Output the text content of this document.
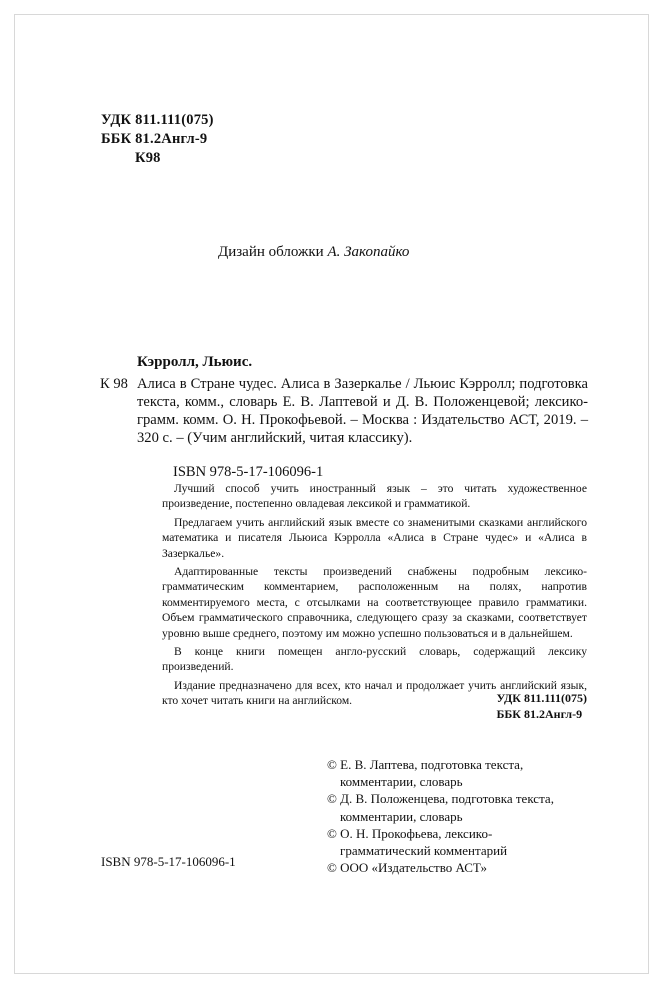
УДК 811.111(075)
ББК 81.2Англ-9
К98
Дизайн обложки А. Закопайко
Кэрролл, Льюис.
К 98 Алиса в Стране чудес. Алиса в Зазеркалье / Льюис Кэрролл; подготовка текста, комм., словарь Е. В. Лаптевой и Д. В. Положенцевой; лексико-грамм. комм. О. Н. Прокофьевой. – Москва : Издательство АСТ, 2019. – 320 с. – (Учим английский, читая классику).
ISBN 978-5-17-106096-1

Лучший способ учить иностранный язык – это читать художественное произведение, постепенно овладевая лексикой и грамматикой.

Предлагаем учить английский язык вместе со знаменитыми сказками английского математика и писателя Льюиса Кэрролла «Алиса в Стране чудес» и «Алиса в Зазеркалье».

Адаптированные тексты произведений снабжены подробным лексико-грамматическим комментарием, расположенным на полях, напротив комментируемого места, с отсылками на соответствующее правило грамматики. Объем грамматического справочника, следующего сразу за сказками, соответствует уровню выше среднего, поэтому им можно успешно пользоваться и в дальнейшем.

В конце книги помещен англо-русский словарь, содержащий лексику произведений.

Издание предназначено для всех, кто начал и продолжает учить английский язык, кто хочет читать книги на английском.	УДК 811.111(075)
ББК 81.2Англ-9
© Е. В. Лаптева, подготовка текста,
комментарии, словарь
© Д. В. Положенцева, подготовка текста,
комментарии, словарь
© О. Н. Прокофьева, лексико-
грамматический комментарий
© ООО «Издательство АСТ»
ISBN 978-5-17-106096-1
